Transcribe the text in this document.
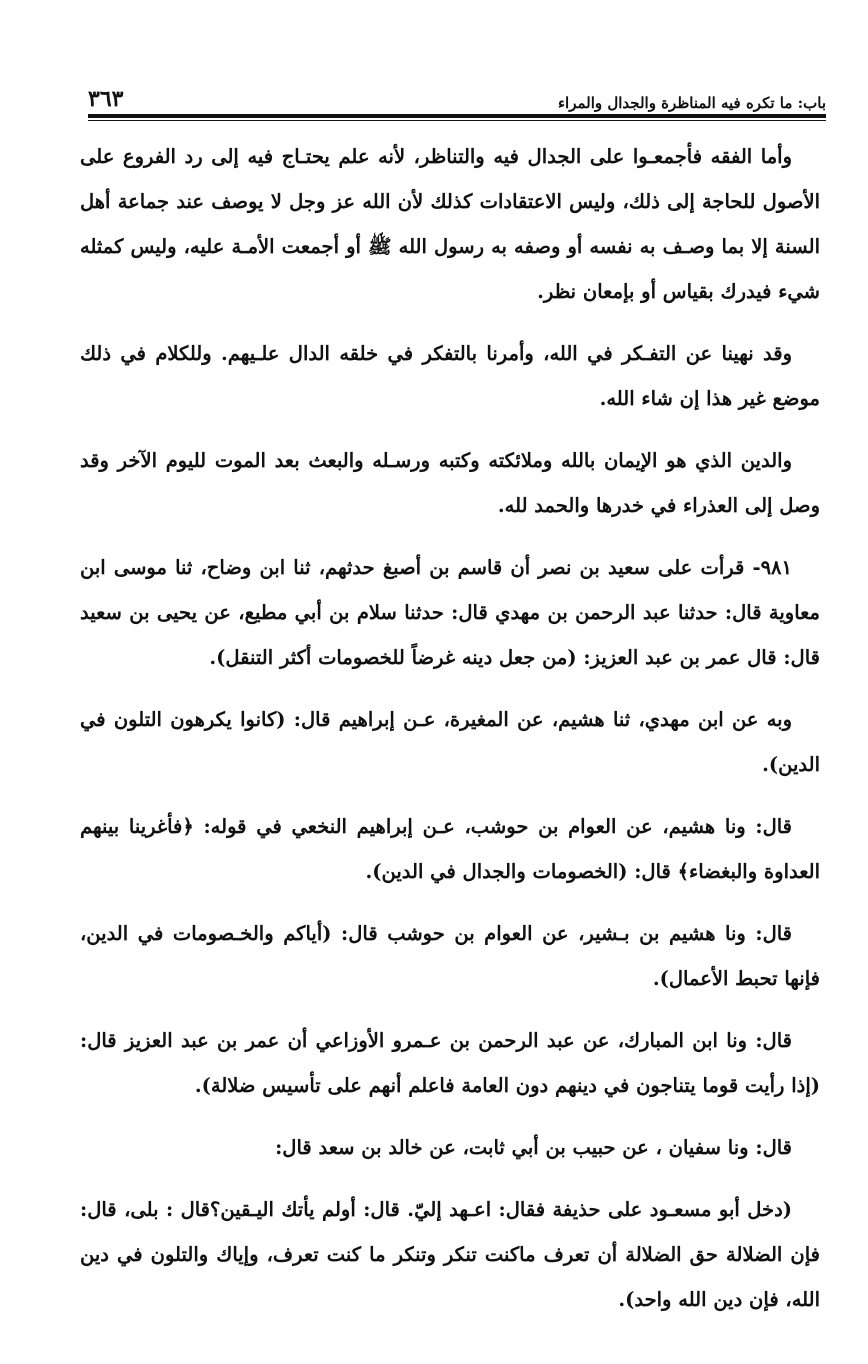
باب: ما تكره فيه المناظرة والجدال والمراء
٣٦٣

وأما الفقه فأجمعـوا على الجدال فيه والتناظر، لأنه علم يحتـاج فيه إلى رد الفروع على الأصول للحاجة إلى ذلك، وليس الاعتقادات كذلك لأن الله عز وجل لا يوصف عند جماعة أهل السنة إلا بما وصـف به نفسه أو وصفه به رسول الله ﷺ أو أجمعت الأمـة عليه، وليس كمثله شيء فيدرك بقياس أو بإمعان نظر.

وقد نهينا عن التفـكر في الله، وأمرنا بالتفكر في خلقه الدال علـيهم. وللكلام في ذلك موضع غير هذا إن شاء الله.

والدين الذي هو الإيمان بالله وملائكته وكتبه ورسـله والبعث بعد الموت لليوم الآخر وقد وصل إلى العذراء في خدرها والحمد لله.

٩٨١- قرأت على سعيد بن نصر أن قاسم بن أصبغ حدثهم، ثنا ابن وضاح، ثنا موسى ابن معاوية قال: حدثنا عبد الرحمن بن مهدي قال: حدثنا سلام بن أبي مطيع، عن يحيى بن سعيد قال: قال عمر بن عبد العزيز: (من جعل دينه غرضاً للخصومات أكثر التنقل).

وبه عن ابن مهدي، ثنا هشيم، عن المغيرة، عـن إبراهيم قال: (كانوا يكرهون التلون في الدين).

قال: ونا هشيم، عن العوام بن حوشب، عـن إبراهيم النخعي في قوله: ﴿فأغرينا بينهم العداوة والبغضاء﴾ قال: (الخصومات والجدال في الدين).

قال: ونا هشيم بن بـشير، عن العوام بن حوشب قال: (أياكم والخـصومات في الدين، فإنها تحبط الأعمال).

قال: ونا ابن المبارك، عن عبد الرحمن بن عـمرو الأوزاعي أن عمر بن عبد العزيز قال: (إذا رأيت قوما يتناجون في دينهم دون العامة فاعلم أنهم على تأسيس ضلالة).

قال: ونا سفيان ، عن حبيب بن أبي ثابت، عن خالد بن سعد قال:

(دخل أبو مسعـود على حذيفة فقال: اعـهد إليّ. قال: أولم يأتك اليـقين؟قال : بلى، قال: فإن الضلالة حق الضلالة أن تعرف ماكنت تنكر وتنكر ما كنت تعرف، وإياك والتلون في دين الله، فإن دين الله واحد).
